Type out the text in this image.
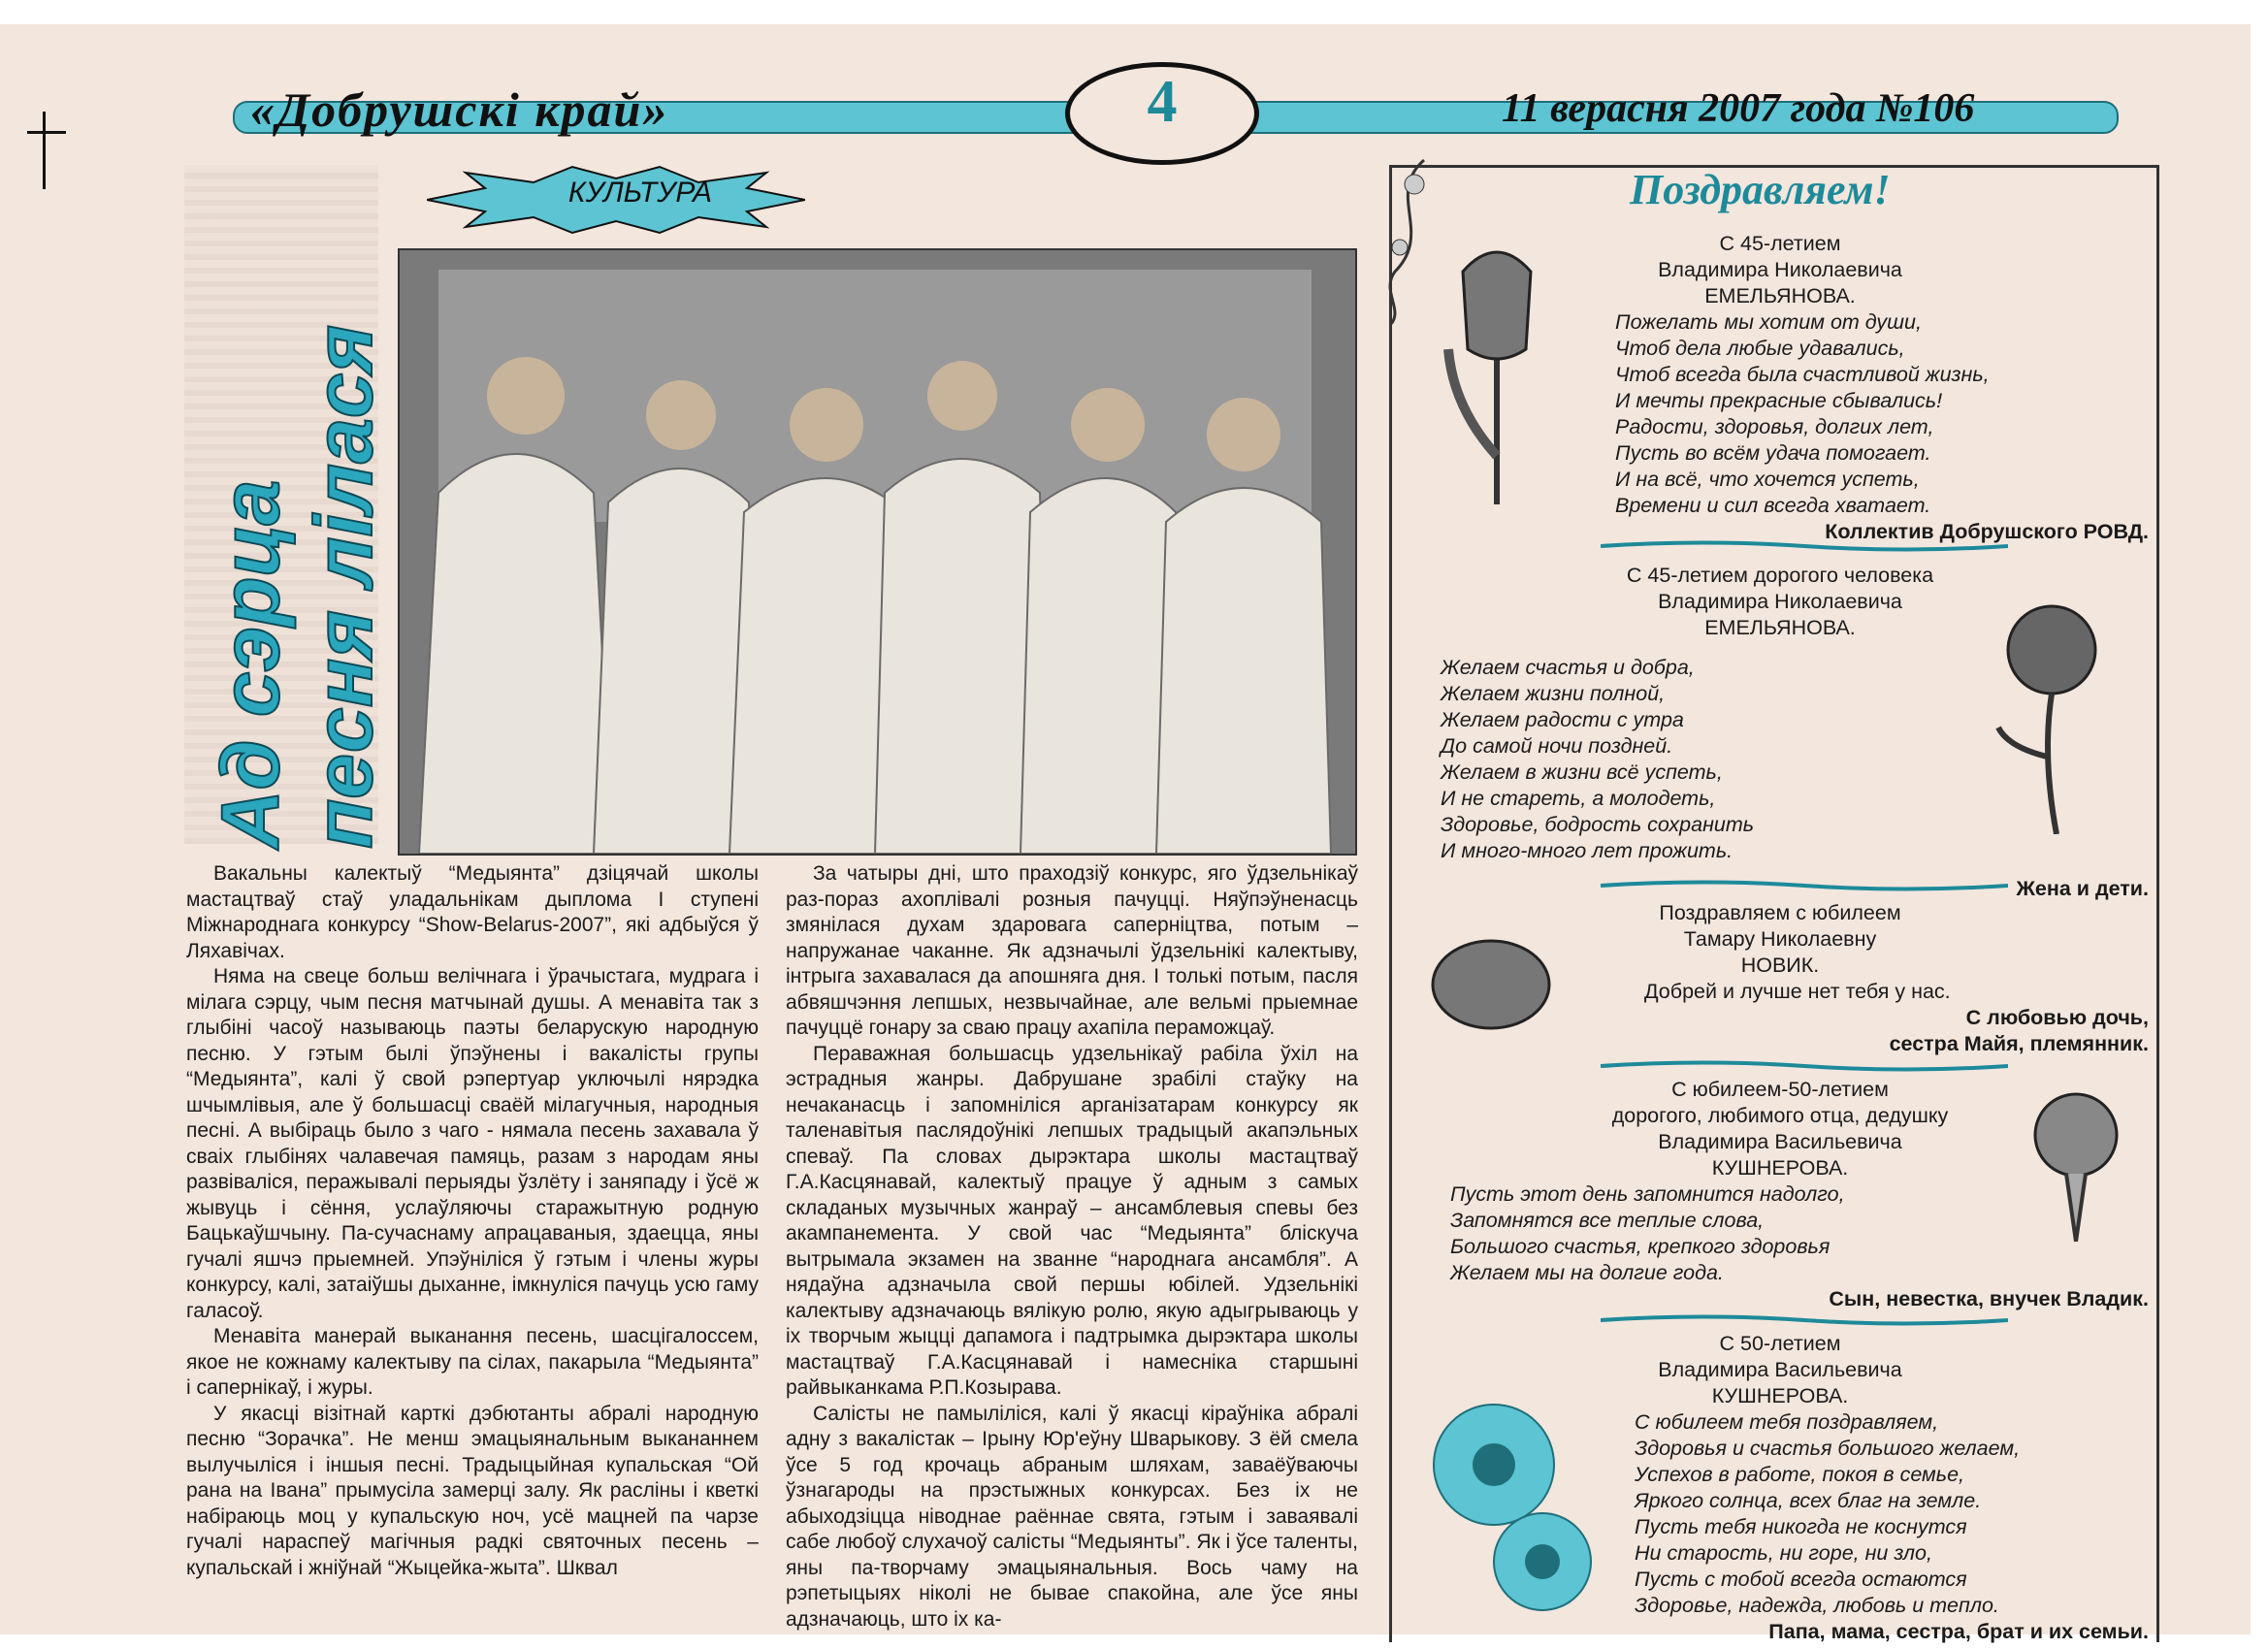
«Добрушскі край»	4	11 верасня 2007 года №106
КУЛЬТУРА
Ад сэрца песня лілася

Вакальны калектыў “Медыянта” дзіцячай школы мастацтваў стаў уладальнікам дыплома І ступені Міжнароднага конкурсу “Show-Belarus-2007”, які адбыўся ў Ляхавічах.

Няма на свеце больш велічнага і ўрачыстага, мудрага і мілага сэрцу, чым песня матчынай душы. А менавіта так з глыбіні часоў называюць паэты беларускую народную песню. У гэтым былі ўпэўнены і вакалісты групы “Медыянта”, калі ў свой рэпертуар уключылі нярэдка шчымлівыя, але ў большасці сваёй мілагучныя, народныя песні. А выбіраць было з чаго - нямала песень захавала ў сваіх глыбінях чалавечая памяць, разам з народам яны развіваліся, перажывалі перыяды ўзлёту і заняпаду і ўсё ж жывуць і сёння, услаўляючы старажытную родную Бацькаўшчыну. Па-сучаснаму апрацаваныя, здаецца, яны гучалі яшчэ прыемней. Упэўніліся ў гэтым і члены журы конкурсу, калі, затаіўшы дыханне, імкнуліся пачуць усю гаму галасоў.

Менавіта манерай выканання песень, шасцігалоссем, якое не кожнаму калектыву па сілах, пакарыла “Медыянта” і сапернікаў, і журы.

У якасці візітнай карткі дэбютанты абралі народную песню “Зорачка”. Не менш эмацыянальным выкананнем вылучыліся і іншыя песні. Традыцыйная купальская “Ой рана на Івана” прымусіла замерці залу. Як расліны і кветкі набіраюць моц у купальскую ноч, усё мацней па чарзе гучалі нараспеў магічныя радкі святочных песень – купальскай і жніўнай “Жыцейка-жыта”. Шквал

За чатыры дні, што праходзіў конкурс, яго ўдзельнікаў раз-пораз ахоплівалі розныя пачуцці. Няўпэўненасць змянілася духам здаровага саперніцтва, потым – напружанае чаканне. Як адзначылі ўдзельнікі калектыву, інтрыга захавалася да апошняга дня. І толькі потым, пасля абвяшчэння лепшых, незвычайнае, але вельмі прыемнае пачуццё гонару за сваю працу ахапіла пераможцаў.

Пераважная большасць удзельнікаў рабіла ўхіл на эстрадныя жанры. Дабрушане зрабілі стаўку на нечаканасць і запомніліся арганізатарам конкурсу як таленавітыя паслядоўнікі лепшых традыцый акапэльных спеваў. Па словах дырэктара школы мастацтваў Г.А.Касцянавай, калектыў працуе ў адным з самых складаных музычных жанраў – ансамблевыя спевы без акампанемента. У свой час “Медыянта” бліскуча вытрымала экзамен на званне “народнага ансамбля”. А нядаўна адзначыла свой першы юбілей. Удзельнікі калектыву адзначаюць вялікую ролю, якую адыгрываюць у іх творчым жыцці дапамога і падтрымка дырэктара школы мастацтваў Г.А.Касцянавай і намесніка старшыні райвыканкама Р.П.Козырава.

Салісты не памыліліся, калі ў якасці кіраўніка абралі адну з вакалістак – Ірыну Юр'еўну Шварыкову. З ёй смела ўсе 5 год крочаць абраным шляхам, заваёўваючы ўзнагароды на прэстыжных конкурсах. Без іх не абыходзіцца ніводнае раённае свята, гэтым і заваявалі сабе любоў слухачоў салісты “Медыянты”. Як і ўсе таленты, яны па-творчаму эмацыянальныя. Вось чаму на рэпетыцыях ніколі не бывае спакойна, але ўсе яны адзначаюць, што іх ка-

Поздравляем!
С 45-летием
Владимира Николаевича
ЕМЕЛЬЯНОВА.
Пожелать мы хотим от души,
Чтоб дела любые удавались,
Чтоб всегда была счастливой жизнь,
И мечты прекрасные сбывались!
Радости, здоровья, долгих лет,
Пусть во всём удача помогает.
И на всё, что хочется успеть,
Времени и сил всегда хватает.
Коллектив Добрушского РОВД.
С 45-летием дорогого человека
Владимира Николаевича
ЕМЕЛЬЯНОВА.
Желаем счастья и добра,
Желаем жизни полной,
Желаем радости с утра
До самой ночи поздней.
Желаем в жизни всё успеть,
И не стареть, а молодеть,
Здоровье, бодрость сохранить
И много-много лет прожить.
Жена и дети.
Поздравляем с юбилеем
Тамару Николаевну
НОВИК.
Добрей и лучше нет тебя у нас.
С любовью дочь,
сестра Майя, племянник.
С юбилеем-50-летием
дорогого, любимого отца, дедушку
Владимира Васильевича
КУШНЕРОВА.
Пусть этот день запомнится надолго,
Запомнятся все теплые слова,
Большого счастья, крепкого здоровья
Желаем мы на долгие года.
Сын, невестка, внучек Владик.
С 50-летием
Владимира Васильевича
КУШНЕРОВА.
С юбилеем тебя поздравляем,
Здоровья и счастья большого желаем,
Успехов в работе, покоя в семье,
Яркого солнца, всех благ на земле.
Пусть тебя никогда не коснутся
Ни старость, ни горе, ни зло,
Пусть с тобой всегда остаются
Здоровье, надежда, любовь и тепло.
Папа, мама, сестра, брат и их семьи.
